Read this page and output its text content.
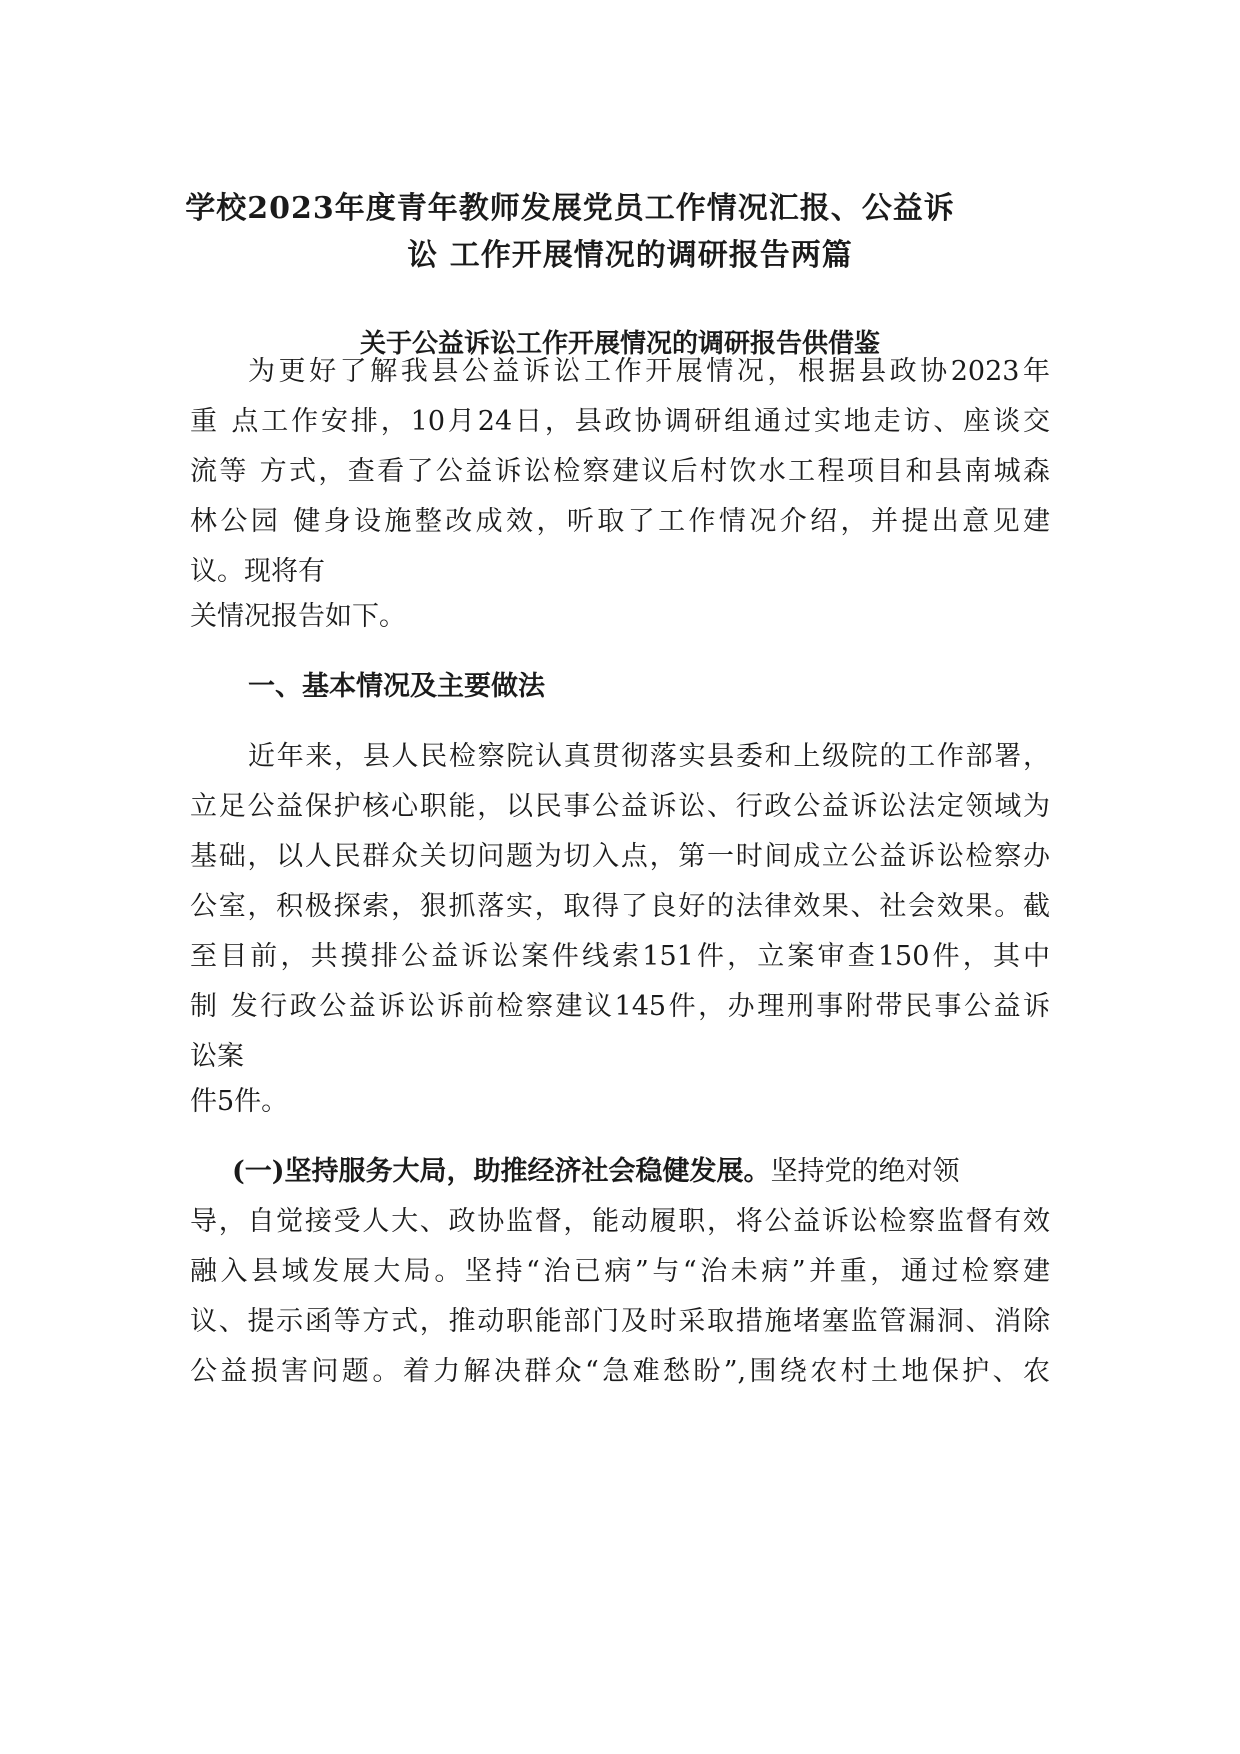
学校2023年度青年教师发展党员工作情况汇报、公益诉
讼 工作开展情况的调研报告两篇
关于公益诉讼工作开展情况的调研报告供借鉴

为更好了解我县公益诉讼工作开展情况，根据县政协2023年

重 点工作安排，10月24日，县政协调研组通过实地走访、座谈交

流等 方式，查看了公益诉讼检察建议后村饮水工程项目和县南城森

林公园 健身设施整改成效，听取了工作情况介绍，并提出意见建

议。现将有

关情况报告如下。

一、基本情况及主要做法

近年来，县人民检察院认真贯彻落实县委和上级院的工作部署，

立足公益保护核心职能，以民事公益诉讼、行政公益诉讼法定领域为

基础，以人民群众关切问题为切入点，第一时间成立公益诉讼检察办

公室，积极探索，狠抓落实，取得了良好的法律效果、社会效果。截

至目前，共摸排公益诉讼案件线索151件，立案审查150件，其中

制 发行政公益诉讼诉前检察建议145件，办理刑事附带民事公益诉

讼案

件5件。

(一)坚持服务大局，助推经济社会稳健发展。坚持党的绝对领

导，自觉接受人大、政协监督，能动履职，将公益诉讼检察监督有效

融入县域发展大局。坚持“治已病”与“治未病”并重，通过检察建

议、提示函等方式，推动职能部门及时采取措施堵塞监管漏洞、消除

公益损害问题。着力解决群众“急难愁盼”,围绕农村土地保护、农
